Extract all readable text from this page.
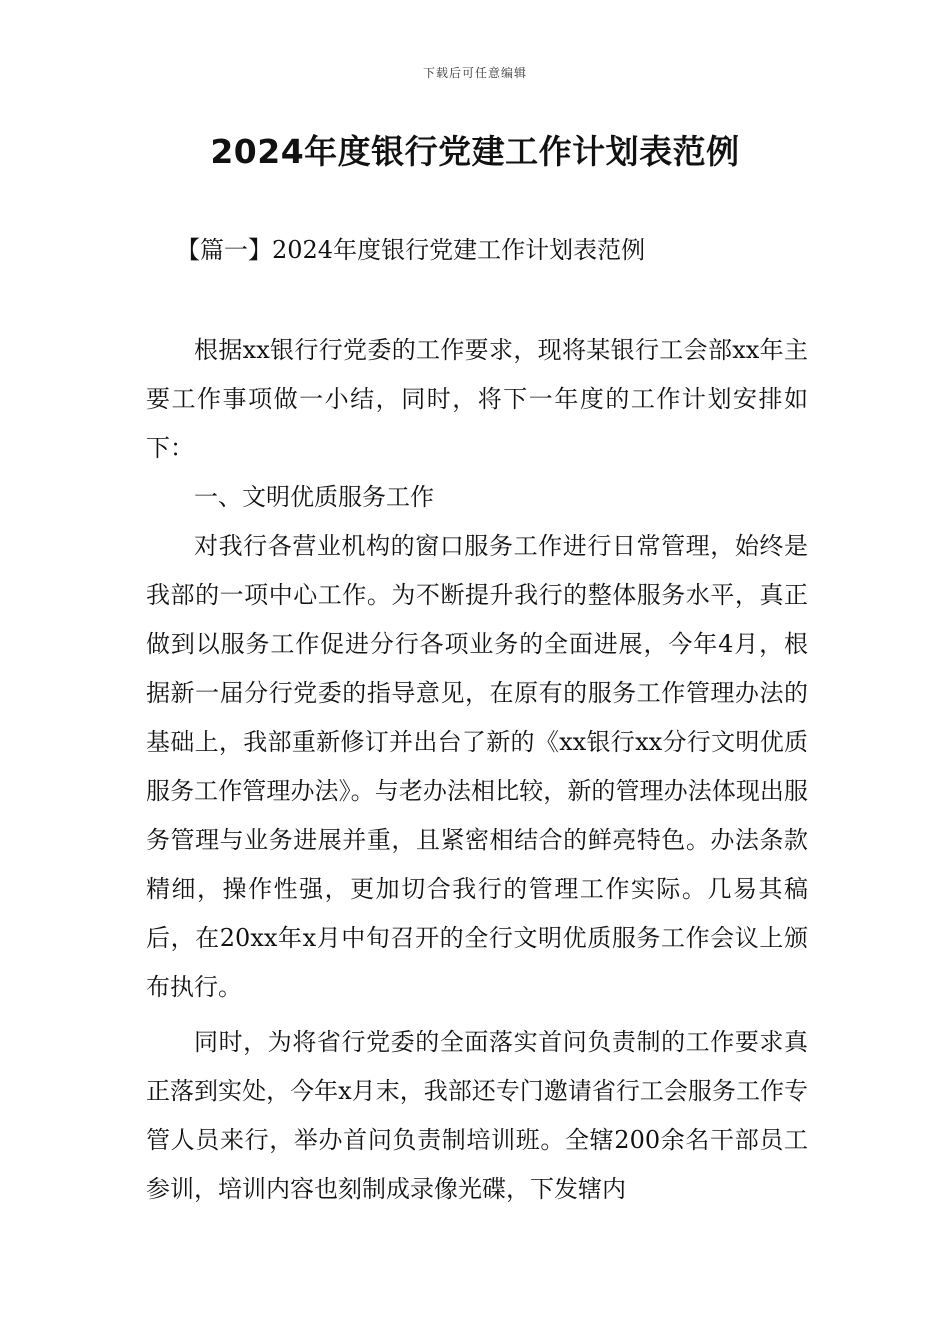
下载后可任意编辑
2024年度银行党建工作计划表范例
【篇一】2024年度银行党建工作计划表范例

根据xx银行行党委的工作要求，现将某银行工会部xx年主要工作事项做一小结，同时，将下一年度的工作计划安排如下：

一、文明优质服务工作

对我行各营业机构的窗口服务工作进行日常管理，始终是我部的一项中心工作。为不断提升我行的整体服务水平，真正做到以服务工作促进分行各项业务的全面进展，今年4月，根据新一届分行党委的指导意见，在原有的服务工作管理办法的基础上，我部重新修订并出台了新的《xx银行xx分行文明优质服务工作管理办法》。与老办法相比较，新的管理办法体现出服务管理与业务进展并重，且紧密相结合的鲜亮特色。办法条款精细，操作性强，更加切合我行的管理工作实际。几易其稿后，在20xx年x月中旬召开的全行文明优质服务工作会议上颁布执行。

同时，为将省行党委的全面落实首问负责制的工作要求真正落到实处，今年x月末，我部还专门邀请省行工会服务工作专管人员来行，举办首问负责制培训班。全辖200余名干部员工参训，培训内容也刻制成录像光碟，下发辖内
